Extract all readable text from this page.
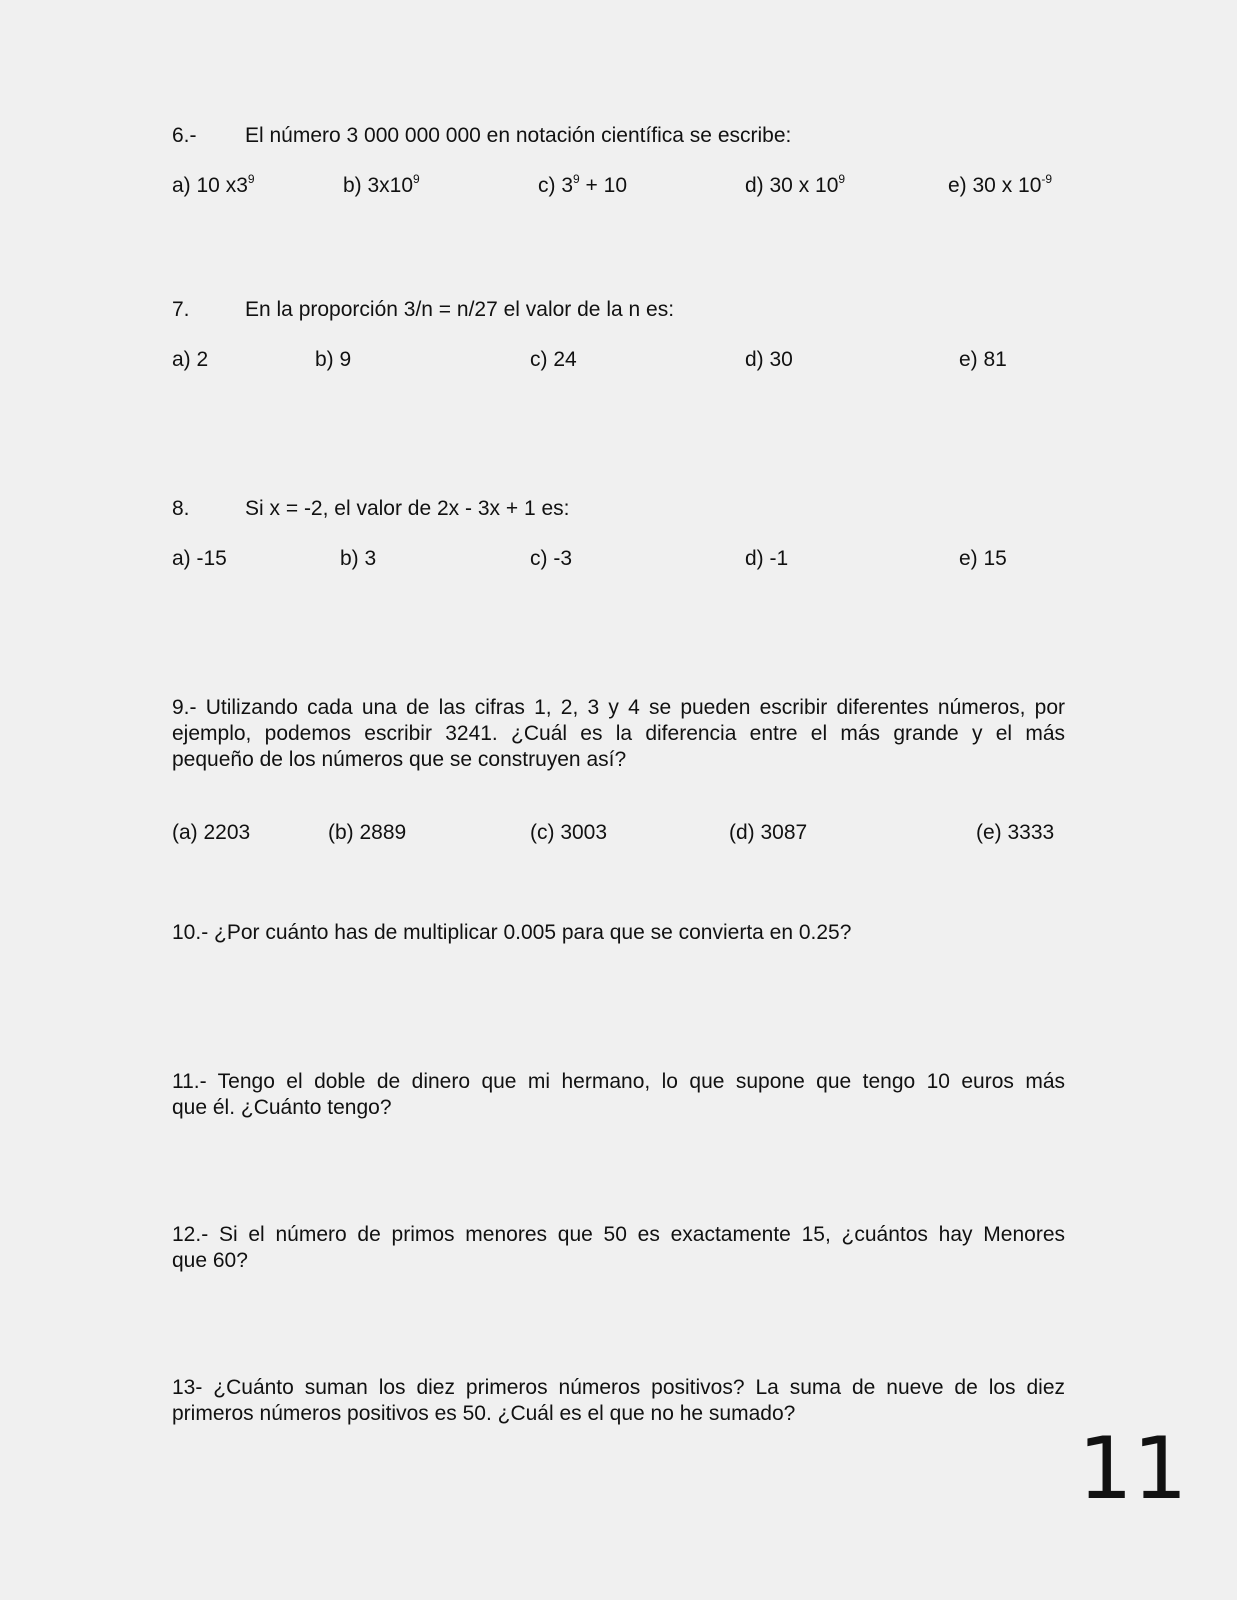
6.- El número 3 000 000 000 en notación científica se escribe:
a) 10 $x3^9$	b) $3x10^9$	c) $3^9 + 10$	d) 30 x $10^9$	e) 30 x $10^{-9}$
7.	En la proporción 3/n = n/27 el valor de la n es:
a) 2	b) 9	c) 24	d) 30	e) 81
8.	Si x = -2, el valor de 2x - 3x + 1 es:
a) -15	b) 3	c) -3	d) -1	e) 15
9.- Utilizando cada una de las cifras 1, 2, 3 y 4 se pueden escribir diferentes números, por
ejemplo, podemos escribir 3241. ¿Cuál es la diferencia entre el más grande y el más
pequeño de los números que se construyen así?
(a) 2203	(b) 2889	(c) 3003	(d) 3087	(e) 3333
10.- ¿Por cuánto has de multiplicar 0.005 para que se convierta en 0.25?
11.- Tengo el doble de dinero que mi hermano, lo que supone que tengo 10 euros más
que él. ¿Cuánto tengo?
12.- Si el número de primos menores que 50 es exactamente 15, ¿cuántos hay Menores
que 60?
13- ¿Cuánto suman los diez primeros números positivos? La suma de nueve de los diez
primeros números positivos es 50. ¿Cuál es el que no he sumado?
11
